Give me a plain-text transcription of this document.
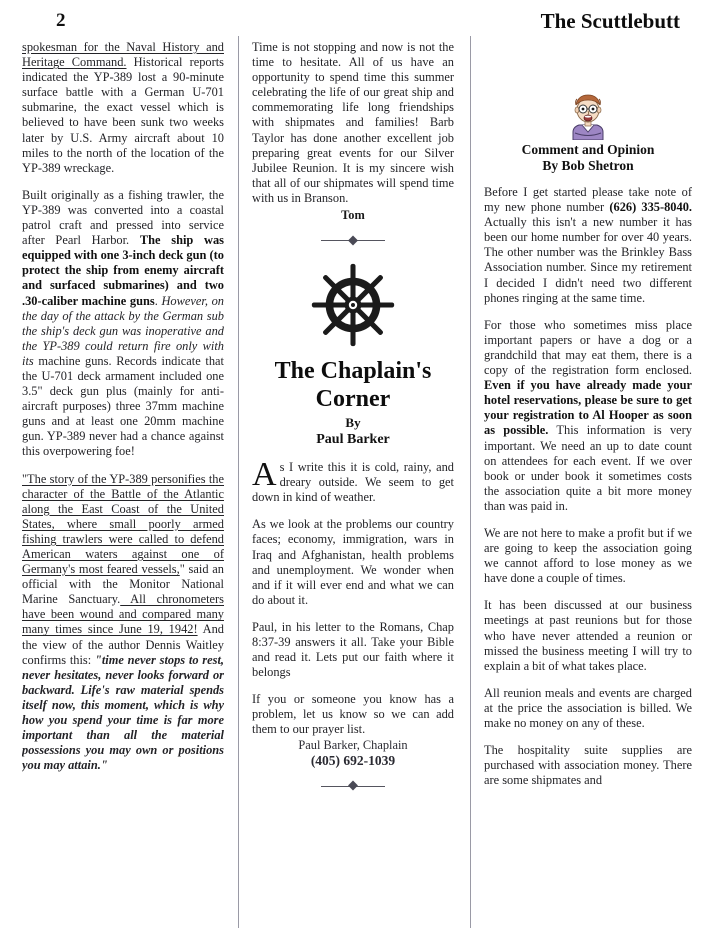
2	The Scuttlebutt

spokesman for the Naval History and Heritage Command. Historical reports indicated the YP-389 lost a 90-minute surface battle with a German U-701 submarine, the exact vessel which is believed to have been sunk two weeks later by U.S. Army aircraft about 10 miles to the north of the location of the YP-389 wreckage.

Built originally as a fishing trawler, the YP-389 was converted into a coastal patrol craft and pressed into service after Pearl Harbor. The ship was equipped with one 3-inch deck gun (to protect the ship from enemy aircraft and surfaced submarines) and two .30-caliber machine guns. However, on the day of the attack by the German sub the ship's deck gun was inoperative and the YP-389 could return fire only with its machine guns. Records indicate that the U-701 deck armament included one 3.5" deck gun plus (mainly for anti-aircraft purposes) three 37mm machine guns and at least one 20mm machine gun. YP-389 never had a chance against this overpowering foe!

"The story of the YP-389 personifies the character of the Battle of the Atlantic along the East Coast of the United States, where small poorly armed fishing trawlers were called to defend American waters against one of Germany's most feared vessels," said an official with the Monitor National Marine Sanctuary. All chronometers have been wound and compared many many times since June 19, 1942! And the view of the author Dennis Waitley confirms this: "time never stops to rest, never hesitates, never looks forward or backward. Life's raw material spends itself now, this moment, which is why how you spend your time is far more important than all the material possessions you may own or positions you may attain."

Time is not stopping and now is not the time to hesitate. All of us have an opportunity to spend time this summer celebrating the life of our great ship and commemorating life long friendships with shipmates and families! Barb Taylor has done another excellent job preparing great events for our Silver Jubilee Reunion. It is my sincere wish that all of our shipmates will spend time with us in Branson.

Tom

The Chaplain's
Corner
By
Paul Barker

As I write this it is cold, rainy, and dreary outside. We seem to get down in kind of weather.

As we look at the problems our country faces; economy, immigration, wars in Iraq and Afghanistan, health problems and unemployment. We wonder when and if it will ever end and what we can do about it.

Paul, in his letter to the Romans, Chap 8:37-39 answers it all. Take your Bible and read it. Lets put our faith where it belongs

If you or someone you know has a problem, let us know so we can add them to our prayer list.

Paul Barker, Chaplain

(405) 692-1039

Comment and Opinion

By Bob Shetron

Before I get started please take note of my new phone number (626) 335-8040. Actually this isn't a new number it has been our home number for over 40 years. The other number was the Brinkley Bass Association number. Since my retirement I decided I didn't need two different phones ringing at the same time.

For those who sometimes miss place important papers or have a dog or a grandchild that may eat them, there is a copy of the registration form enclosed. Even if you have already made your hotel reservations, please be sure to get your registration to Al Hooper as soon as possible. This information is very important. We need an up to date count on attendees for each event. If we over book or under book it sometimes costs the association quite a bit more money than was paid in.

We are not here to make a profit but if we are going to keep the association going we cannot afford to lose money as we have done a couple of times.

It has been discussed at our business meetings at past reunions but for those who have never attended a reunion or missed the business meeting I will try to explain a bit of what takes place.

All reunion meals and events are charged at the price the association is billed. We make no money on any of these.

The hospitality suite supplies are purchased with association money. There are some shipmates and
